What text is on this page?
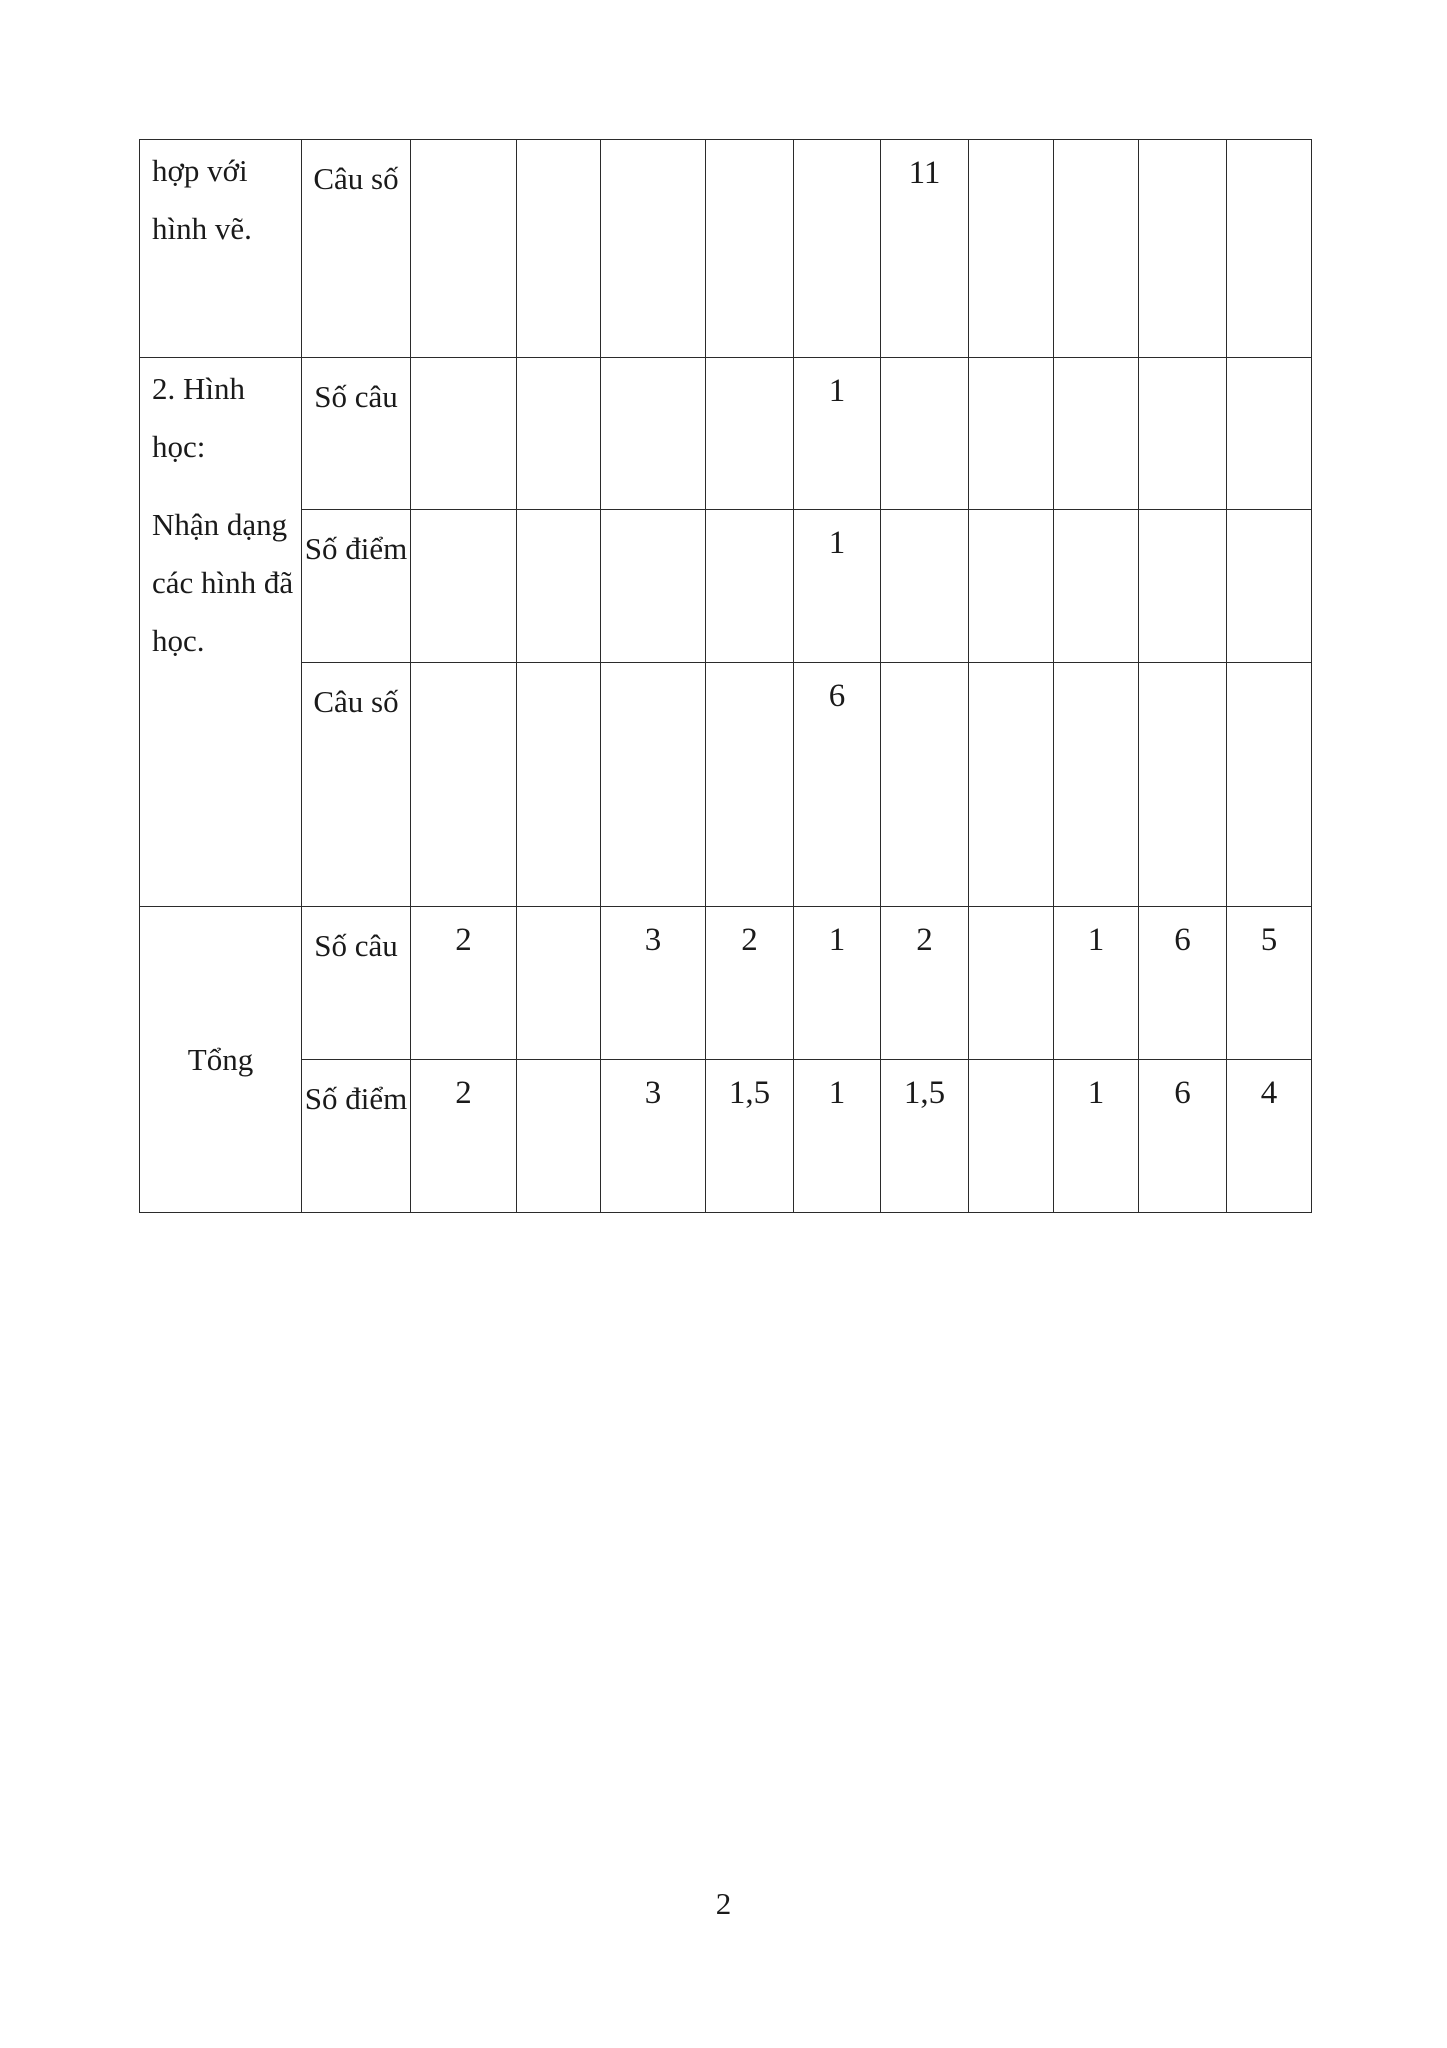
hợp với hình vẽ.	Câu số						11				

2. Hình học:
Nhận dạng các hình đã học.	Số câu					1					
	Số điểm					1					
	Câu số					6					
Tổng	Số câu	2		3	2	1	2		1	6	5
	Số điểm	2		3	1,5	1	1,5		1	6	4
2
